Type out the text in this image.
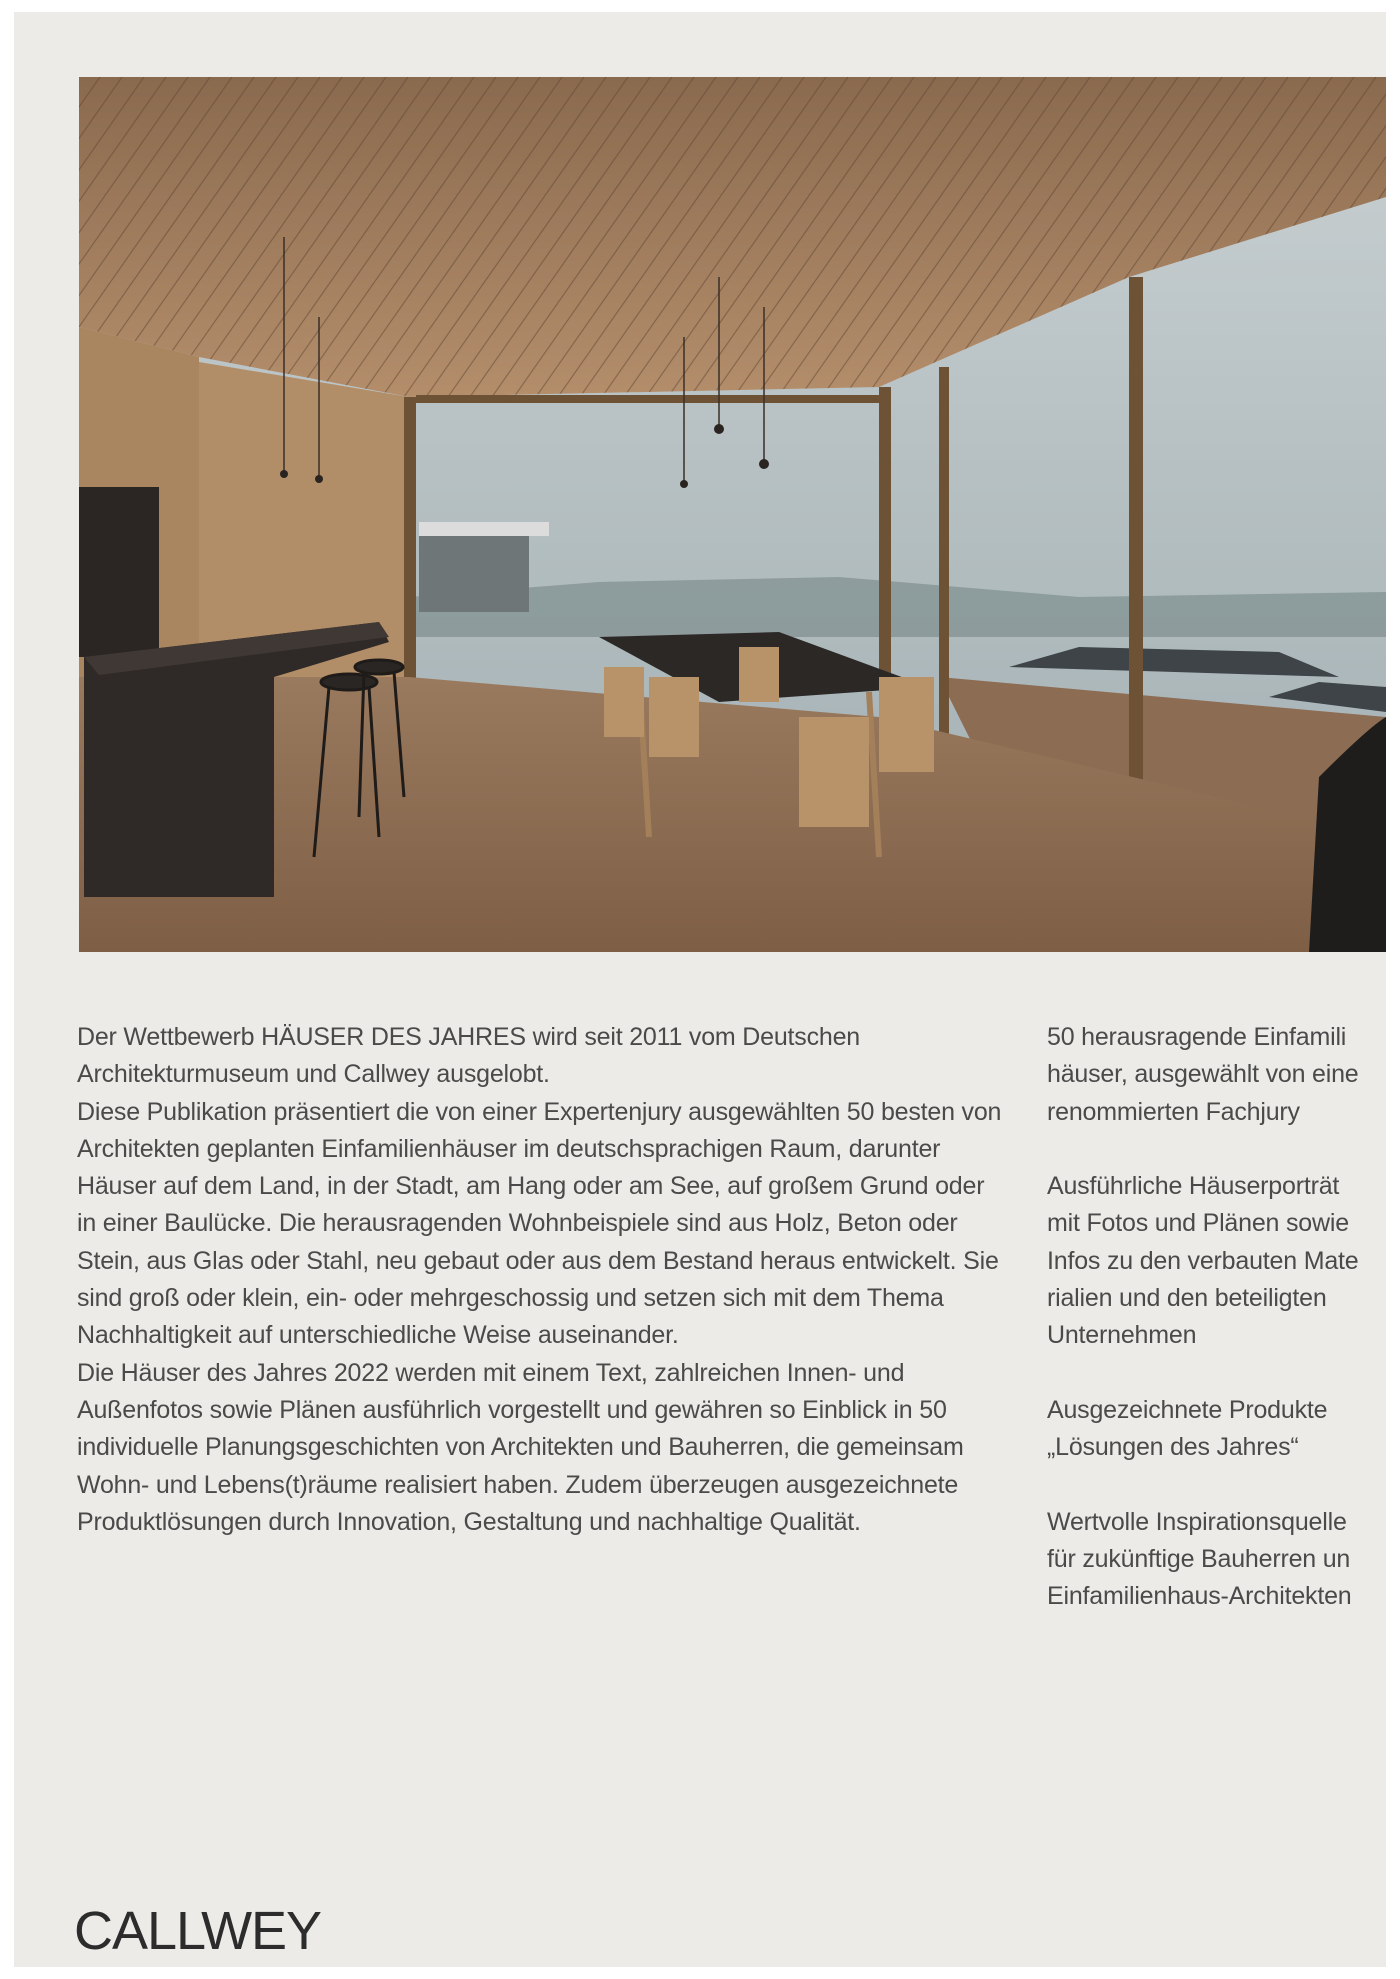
Der Wettbewerb HÄUSER DES JAHRES wird seit 2011 vom Deutschen Architekturmuseum und Callwey ausgelobt.

Diese Publikation präsentiert die von einer Expertenjury ausgewählten 50 besten von Architekten geplanten Einfamilienhäuser im deutschsprachigen Raum, darunter Häuser auf dem Land, in der Stadt, am Hang oder am See, auf großem Grund oder in einer Baulücke. Die herausragenden Wohnbeispiele sind aus Holz, Beton oder Stein, aus Glas oder Stahl, neu gebaut oder aus dem Bestand heraus entwickelt. Sie sind groß oder klein, ein- oder mehrgeschossig und setzen sich mit dem Thema Nachhaltigkeit auf unterschiedliche Weise auseinander.

Die Häuser des Jahres 2022 werden mit einem Text, zahlreichen Innen- und Außenfotos sowie Plänen ausführlich vorgestellt und gewähren so Einblick in 50 individuelle Planungsgeschichten von Architekten und Bauherren, die gemeinsam Wohn- und Lebens(t)räume realisiert haben. Zudem überzeugen ausgezeichnete Produktlösungen durch Innovation, Gestaltung und nachhaltige Qualität.

50 herausragende Einfamili
häuser, ausgewählt von eine
renommierten Fachjury
Ausführliche Häuserporträt
mit Fotos und Plänen sowie
Infos zu den verbauten Mate
rialien und den beteiligten
Unternehmen
Ausgezeichnete Produkte
„Lösungen des Jahres“
Wertvolle Inspirationsquelle
für zukünftige Bauherren un
Einfamilienhaus-Architekten
CALLWEY
